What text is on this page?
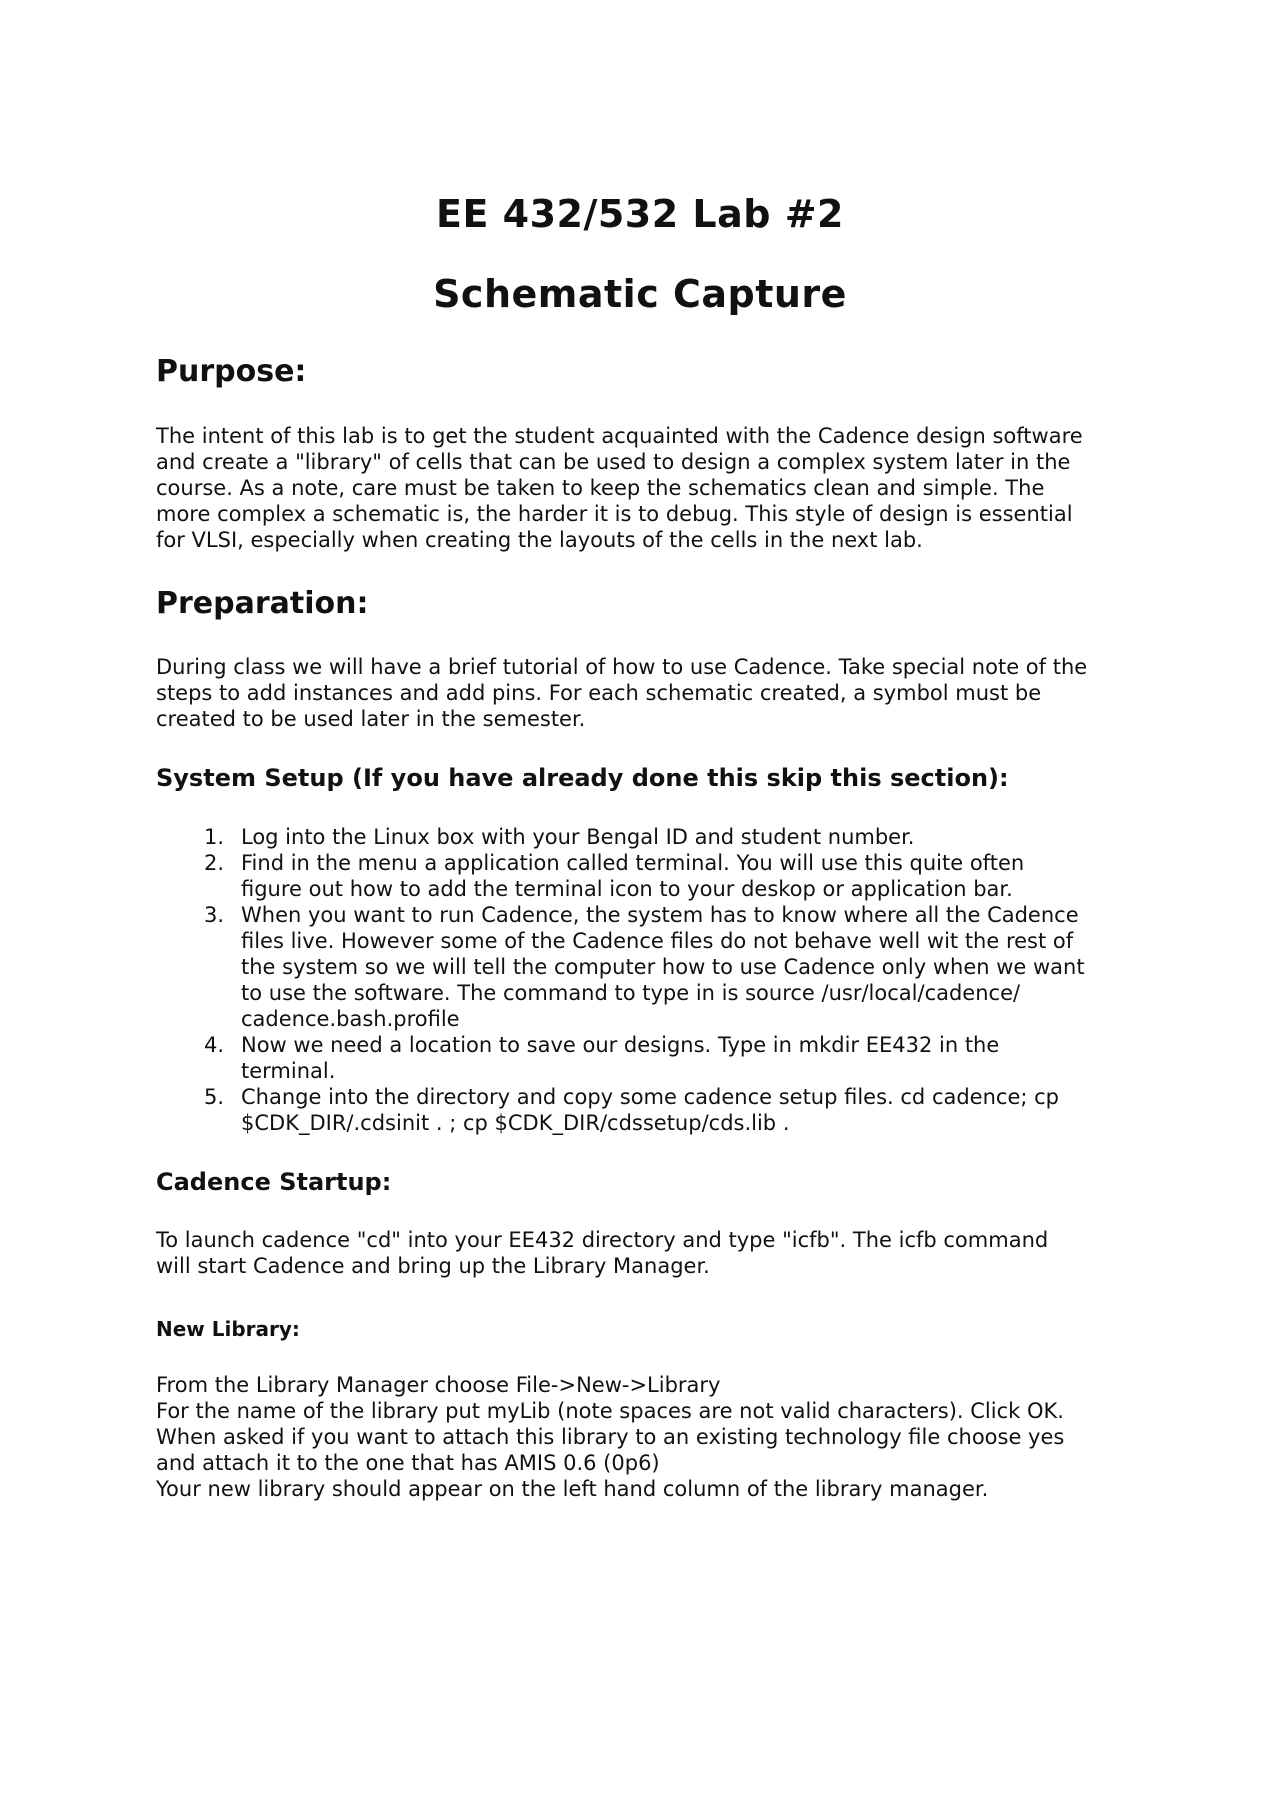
EE 432/532 Lab #2
Schematic Capture
Purpose:
The intent of this lab is to get the student acquainted with the Cadence design software
and create a "library" of cells that can be used to design a complex system later in the
course. As a note, care must be taken to keep the schematics clean and simple. The
more complex a schematic is, the harder it is to debug. This style of design is essential
for VLSI, especially when creating the layouts of the cells in the next lab.
Preparation:
During class we will have a brief tutorial of how to use Cadence. Take special note of the
steps to add instances and add pins. For each schematic created, a symbol must be
created to be used later in the semester.
System Setup (If you have already done this skip this section):
1. Log into the Linux box with your Bengal ID and student number.
2. Find in the menu a application called terminal. You will use this quite often
figure out how to add the terminal icon to your deskop or application bar.
3. When you want to run Cadence, the system has to know where all the Cadence
files live. However some of the Cadence files do not behave well wit the rest of
the system so we will tell the computer how to use Cadence only when we want
to use the software. The command to type in is source /usr/local/cadence/
cadence.bash.profile
4. Now we need a location to save our designs. Type in mkdir EE432 in the
terminal.
5. Change into the directory and copy some cadence setup files. cd cadence; cp
$CDK_DIR/.cdsinit . ; cp $CDK_DIR/cdssetup/cds.lib .
Cadence Startup:
To launch cadence "cd" into your EE432 directory and type "icfb". The icfb command
will start Cadence and bring up the Library Manager.
New Library:
From the Library Manager choose File->New->Library
For the name of the library put myLib (note spaces are not valid characters). Click OK.
When asked if you want to attach this library to an existing technology file choose yes
and attach it to the one that has AMIS 0.6 (0p6)
Your new library should appear on the left hand column of the library manager.
